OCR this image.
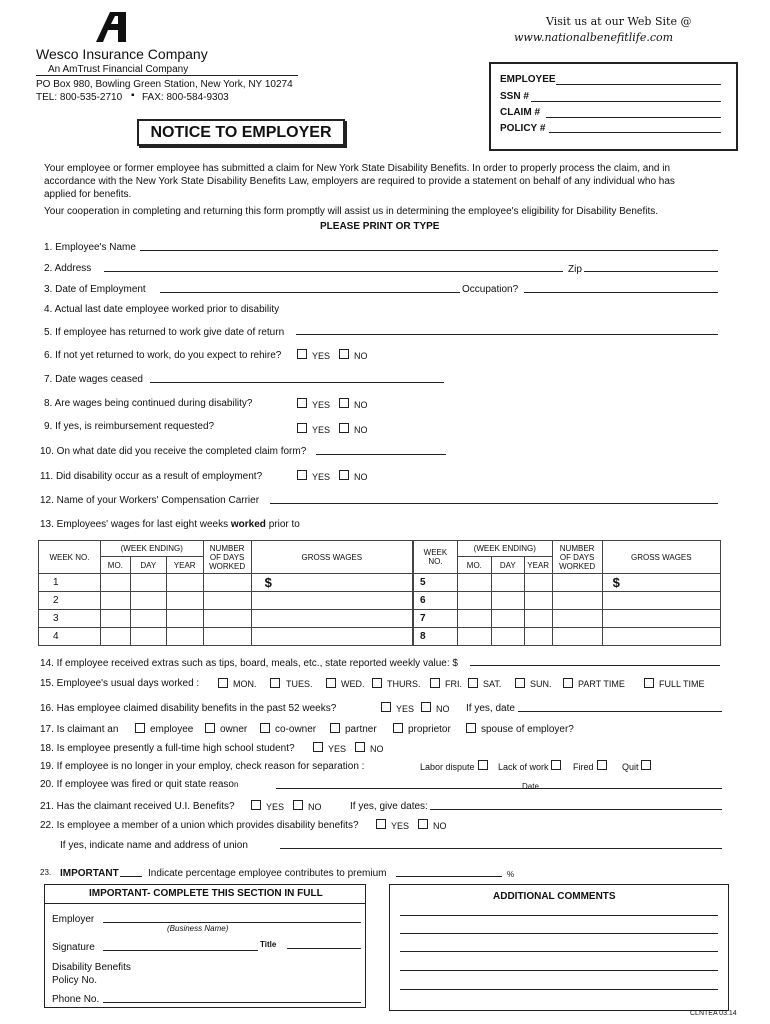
Wesco Insurance Company
An AmTrust Financial Company
PO Box 980, Bowling Green Station, New York, NY 10274
TEL: 800-535-2710 ▪ FAX: 800-584-9303
Visit us at our Web Site @
www.nationalbenefitlife.com
NOTICE TO EMPLOYER
EMPLOYEE
SSN #
CLAIM #
POLICY #
Your employee or former employee has submitted a claim for New York State Disability Benefits. In order to properly process the claim, and in
accordance with the New York State Disability Benefits Law, employers are required to provide a statement on behalf of any individual who has
applied for benefits.
Your cooperation in completing and returning this form promptly will assist us in determining the employee's eligibility for Disability Benefits.
PLEASE PRINT OR TYPE
1. Employee's Name
2. Address	Zip
3. Date of Employment	Occupation?
4. Actual last date employee worked prior to disability
5. If employee has returned to work give date of return
6. If not yet returned to work, do you expect to rehire?	YES	NO
7. Date wages ceased
8. Are wages being continued during disability?	YES	NO
9. If yes, is reimbursement requested?	YES	NO
10. On what date did you receive the completed claim form?
11. Did disability occur as a result of employment?	YES	NO
12. Name of your Workers' Compensation Carrier
13. Employees' wages for last eight weeks worked prior to
WEEK NO.	(WEEK ENDING)			NUMBER OF DAYS WORKED	GROSS WAGES
	MO.	DAY	YEAR		
1					$
2					
3					
4					
WEEK NO.	(WEEK ENDING)			NUMBER OF DAYS WORKED	GROSS WAGES
	MO.	DAY	YEAR		
5					$
6					
7					
8					
14. If employee received extras such as tips, board, meals, etc., state reported weekly value: $
15. Employee's usual days worked :	MON.	TUES.	WED.	THURS.	FRI. SAT.	SUN.	PART TIME	FULL TIME
16. Has employee claimed disability benefits in the past 52 weeks?	YES NO If yes, date
17. Is claimant an	employee	owner	co-owner	partner	proprietor	spouse of employer?
18. Is employee presently a full-time high school student?	YES	NO
19. If employee is no longer in your employ, check reason for separation :	Labor dispute	Lack of work	Fired	Quit
20. If employee was fired or quit state reason	Date
21. Has the claimant received U.I. Benefits?	YES	NO	If yes, give dates:
22. Is employee a member of a union which provides disability benefits?	YES	NO
If yes, indicate name and address of union
23. IMPORTANT	Indicate percentage employee contributes to premium	%
IMPORTANT- COMPLETE THIS SECTION IN FULL
Employer
(Business Name)
Signature	Title
Disability Benefits
Policy No.
Phone No.
ADDITIONAL COMMENTS
CLNTEA 03.14
